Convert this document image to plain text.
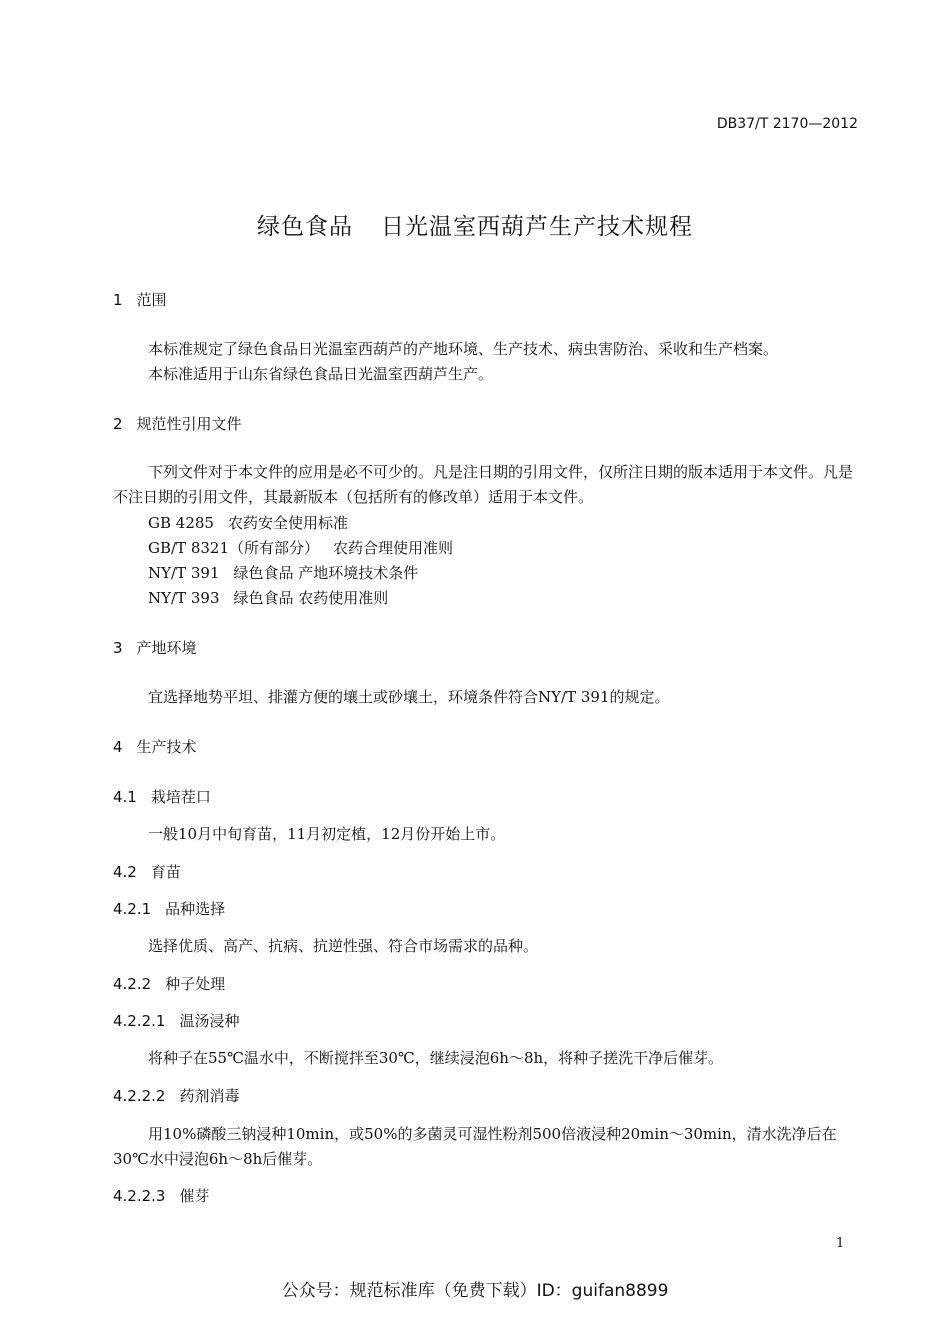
DB37/T 2170—2012
绿色食品 日光温室西葫芦生产技术规程
1 范围
本标准规定了绿色食品日光温室西葫芦的产地环境、生产技术、病虫害防治、采收和生产档案。
本标准适用于山东省绿色食品日光温室西葫芦生产。
2 规范性引用文件
下列文件对于本文件的应用是必不可少的。凡是注日期的引用文件，仅所注日期的版本适用于本文件。凡是不注日期的引用文件，其最新版本（包括所有的修改单）适用于本文件。
GB 4285 农药安全使用标准
GB/T 8321（所有部分） 农药合理使用准则
NY/T 391 绿色食品 产地环境技术条件
NY/T 393 绿色食品 农药使用准则
3 产地环境
宜选择地势平坦、排灌方便的壤土或砂壤土，环境条件符合NY/T 391的规定。
4 生产技术
4.1 栽培茬口
一般10月中旬育苗，11月初定植，12月份开始上市。
4.2 育苗
4.2.1 品种选择
选择优质、高产、抗病、抗逆性强、符合市场需求的品种。
4.2.2 种子处理
4.2.2.1 温汤浸种
将种子在55℃温水中，不断搅拌至30℃，继续浸泡6h～8h，将种子搓洗干净后催芽。
4.2.2.2 药剂消毒
用10%磷酸三钠浸种10min，或50%的多菌灵可湿性粉剂500倍液浸种20min～30min，清水洗净后在30℃水中浸泡6h～8h后催芽。
4.2.2.3 催芽
1
公众号：规范标准库（免费下载）ID：guifan8899
